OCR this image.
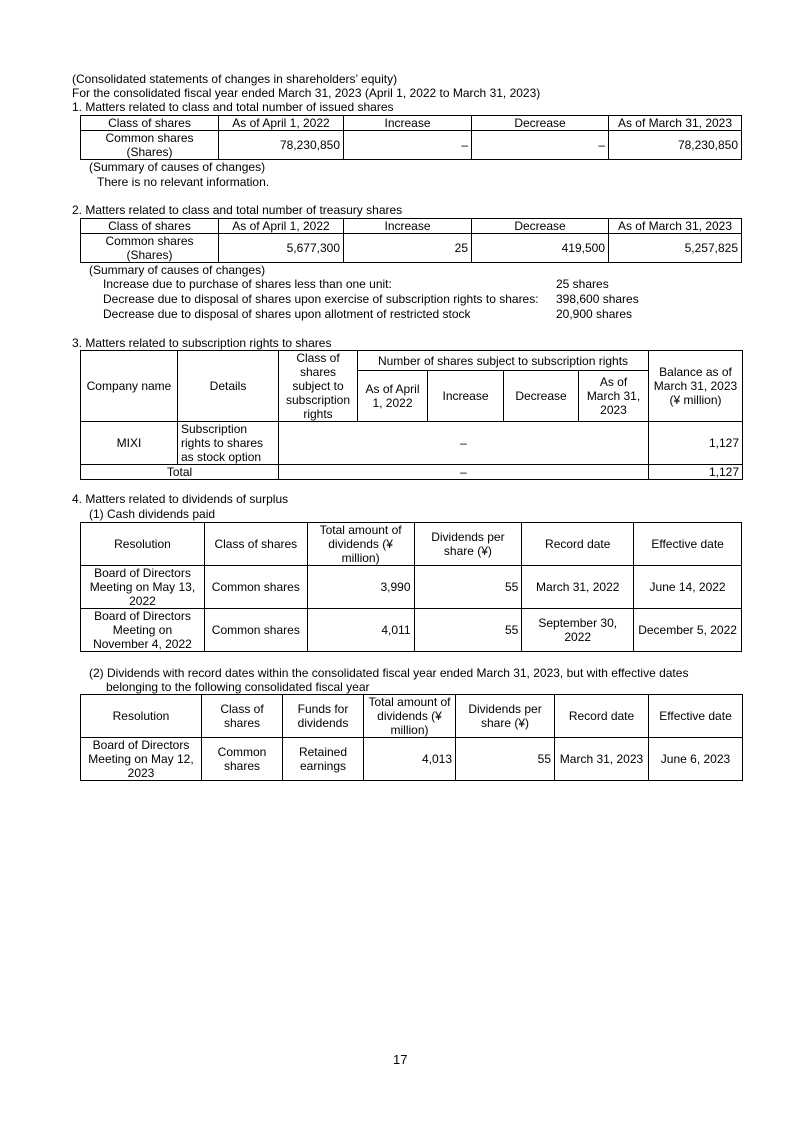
(Consolidated statements of changes in shareholders’ equity)
For the consolidated fiscal year ended March 31, 2023 (April 1, 2022 to March 31, 2023)
1. Matters related to class and total number of issued shares
Class of shares	As of April 1, 2022	Increase	Decrease	As of March 31, 2023
Common shares (Shares)	78,230,850	–	–	78,230,850
(Summary of causes of changes)
There is no relevant information.
2. Matters related to class and total number of treasury shares
Class of shares	As of April 1, 2022	Increase	Decrease	As of March 31, 2023
Common shares (Shares)	5,677,300	25	419,500	5,257,825
(Summary of causes of changes)
Increase due to purchase of shares less than one unit:	25 shares
Decrease due to disposal of shares upon exercise of subscription rights to shares: 398,600 shares
Decrease due to disposal of shares upon allotment of restricted stock	20,900 shares
3. Matters related to subscription rights to shares
Company name	Details	Class of shares subject to subscription rights	Number of shares subject to subscription rights				Balance as of March 31, 2023 (¥ million)
			As of April 1, 2022	Increase	Decrease	As of March 31, 2023	
MIXI	Subscription rights to shares as stock option	–					1,127
Total		–					1,127
4. Matters related to dividends of surplus
(1) Cash dividends paid
Resolution	Class of shares	Total amount of dividends (¥ million)	Dividends per share (¥)	Record date	Effective date
Board of Directors Meeting on May 13, 2022	Common shares	3,990	55	March 31, 2022	June 14, 2022
Board of Directors Meeting on November 4, 2022	Common shares	4,011	55	September 30, 2022	December 5, 2022
(2) Dividends with record dates within the consolidated fiscal year ended March 31, 2023, but with effective dates
belonging to the following consolidated fiscal year
Resolution	Class of shares	Funds for dividends	Total amount of dividends (¥ million)	Dividends per share (¥)	Record date	Effective date
Board of Directors Meeting on May 12, 2023	Common shares	Retained earnings	4,013	55	March 31, 2023	June 6, 2023
17
